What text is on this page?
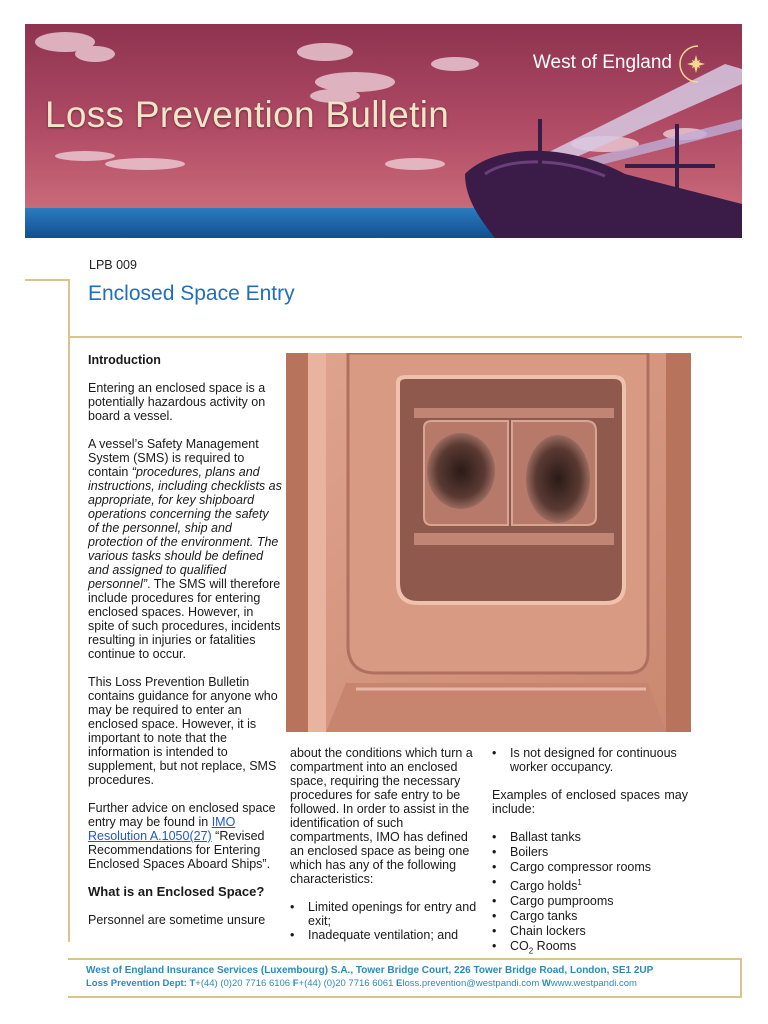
Loss Prevention Bulletin
West of England
LPB 009
Enclosed Space Entry
Introduction

Entering an enclosed space is a potentially hazardous activity on board a vessel.

A vessel’s Safety Management System (SMS) is required to contain “procedures, plans and instructions, including checklists as appropriate, for key shipboard operations concerning the safety of the personnel, ship and protection of the environment. The various tasks should be defined and assigned to qualified personnel”. The SMS will therefore include procedures for entering enclosed spaces. However, in spite of such procedures, incidents resulting in injuries or fatalities continue to occur.

This Loss Prevention Bulletin contains guidance for anyone who may be required to enter an enclosed space. However, it is important to note that the information is intended to supplement, but not replace, SMS procedures.

Further advice on enclosed space entry may be found in IMO Resolution A.1050(27) “Revised Recommendations for Entering Enclosed Spaces Aboard Ships”.

What is an Enclosed Space?

Personnel are sometime unsure

about the conditions which turn a compartment into an enclosed space, requiring the necessary procedures for safe entry to be followed. In order to assist in the identification of such compartments, IMO has defined an enclosed space as being one which has any of the following characteristics:

• Limited openings for entry and exit;
• Inadequate ventilation; and
• Is not designed for continuous worker occupancy.

Examples of enclosed spaces may include:

• Ballast tanks
• Boilers
• Cargo compressor rooms
• Cargo holds$^1$
• Cargo pumprooms
• Cargo tanks
• Chain lockers
• $CO_2$ Rooms
West of England Insurance Services (Luxembourg) S.A., Tower Bridge Court, 226 Tower Bridge Road, London, SE1 2UP
Loss Prevention Dept: T+(44) (0)20 7716 6106 F+(44) (0)20 7716 6061 Eloss.prevention@westpandi.com Wwww.westpandi.com
